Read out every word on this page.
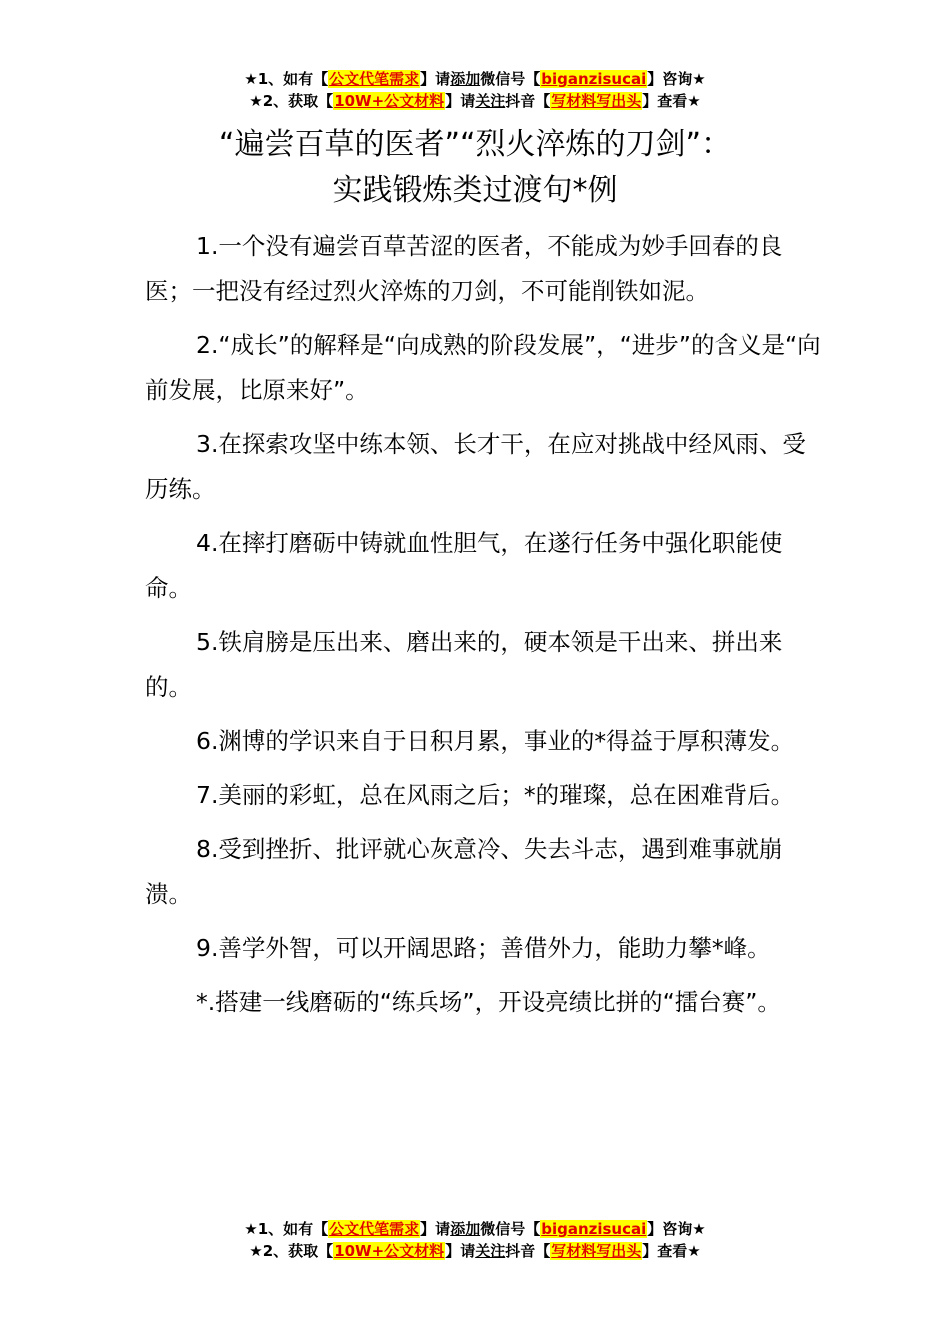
★1、如有【公文代笔需求】请添加微信号【biganzisucai】咨询★
★2、获取【10W+公文材料】请关注抖音【写材料写出头】查看★
“遍尝百草的医者”“烈火淬炼的刀剑”：
实践锻炼类过渡句*例

1.一个没有遍尝百草苦涩的医者，不能成为妙手回春的良医；一把没有经过烈火淬炼的刀剑，不可能削铁如泥。

2.“成长”的解释是“向成熟的阶段发展”，“进步”的含义是“向前发展，比原来好”。

3.在探索攻坚中练本领、长才干，在应对挑战中经风雨、受历练。

4.在摔打磨砺中铸就血性胆气，在遂行任务中强化职能使命。

5.铁肩膀是压出来、磨出来的，硬本领是干出来、拼出来的。

6.渊博的学识来自于日积月累，事业的*得益于厚积薄发。

7.美丽的彩虹，总在风雨之后；*的璀璨，总在困难背后。

8.受到挫折、批评就心灰意冷、失去斗志，遇到难事就崩溃。

9.善学外智，可以开阔思路；善借外力，能助力攀*峰。

*.搭建一线磨砺的“练兵场”，开设亮绩比拼的“擂台赛”。

★1、如有【公文代笔需求】请添加微信号【biganzisucai】咨询★
★2、获取【10W+公文材料】请关注抖音【写材料写出头】查看★
